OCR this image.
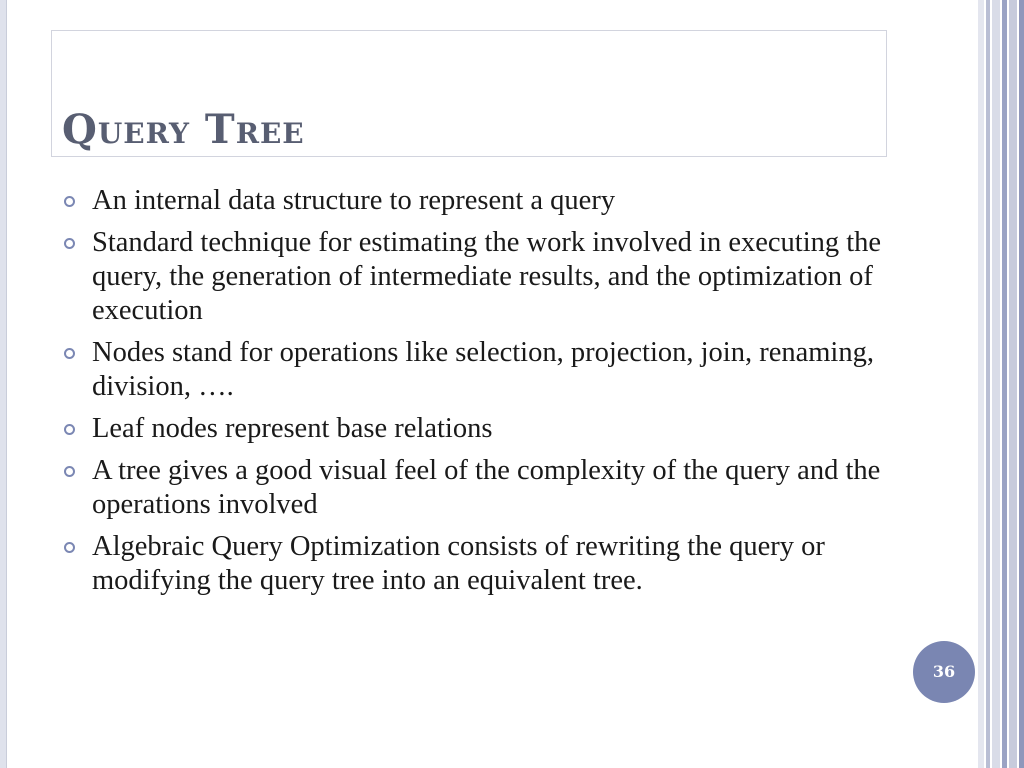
Query Tree
An internal data structure to represent a query
Standard technique for estimating the work involved in executing the query, the generation of intermediate results, and the optimization of execution
Nodes stand for operations like selection, projection, join, renaming, division, ….
Leaf nodes represent base relations
A tree gives a good visual feel of the complexity of the query and the operations involved
Algebraic Query Optimization consists of rewriting the query or modifying the query tree into an equivalent tree.
36
